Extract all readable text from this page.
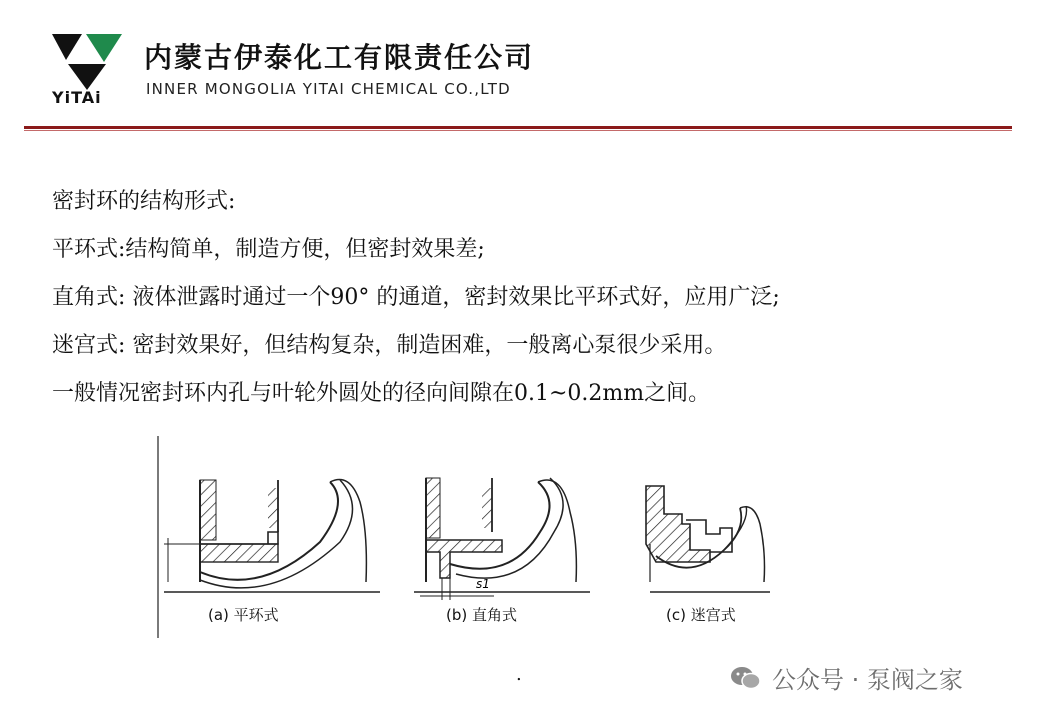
YiTAi
内蒙古伊泰化工有限责任公司
INNER MONGOLIA YITAI CHEMICAL CO.,LTD
密封环的结构形式:
平环式:结构简单，制造方便，但密封效果差;
直角式: 液体泄露时通过一个90° 的通道，密封效果比平环式好，应用广泛;
迷宫式: 密封效果好，但结构复杂，制造困难，一般离心泵很少采用。
一般情况密封环内孔与叶轮外圆处的径向间隙在0.1~0.2mm之间。
s1
(a) 平环式	(b) 直角式	(c) 迷宫式
.	公众号 · 泵阀之家
